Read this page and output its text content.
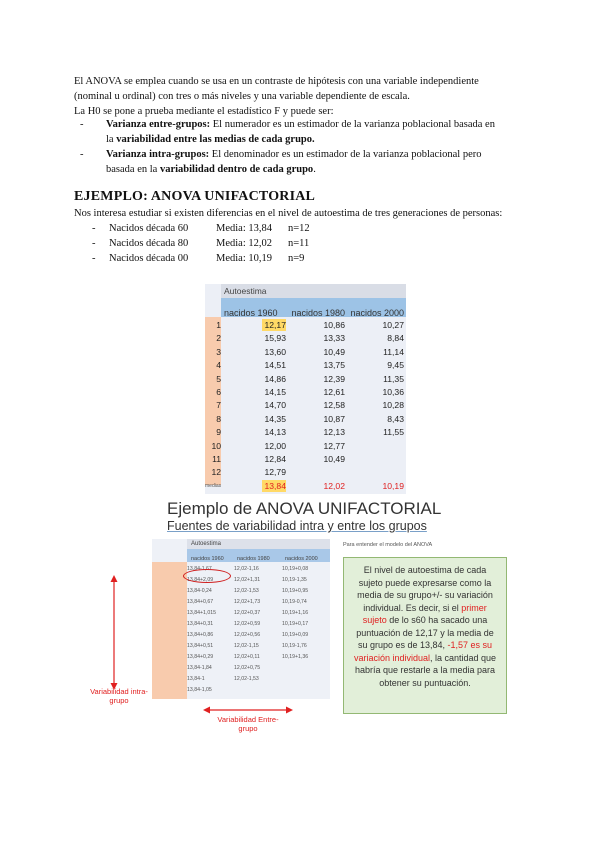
El ANOVA se emplea cuando se usa en un contraste de hipótesis con una variable independiente
(nominal u ordinal) con tres o más niveles y una variable dependiente de escala.
La H0 se pone a prueba mediante el estadístico F y puede ser:
- Varianza entre-grupos: El numerador es un estimador de la varianza poblacional basada en
la variabilidad entre las medias de cada grupo.
- Varianza intra-grupos: El denominador es un estimador de la varianza poblacional pero
basada en la variabilidad dentro de cada grupo.
EJEMPLO: ANOVA UNIFACTORIAL
Nos interesa estudiar si existen diferencias en el nivel de autoestima de tres generaciones de personas:
- Nacidos década 60	Media: 13,84 n=12
- Nacidos década 80	Media: 12,02 n=11
- Nacidos década 00	Media: 10,19 n=9
Autoestima
nacidos 1960	nacidos 1980 nacidos 2000
1	12,17	10,86	10,27
2	15,93	13,33	8,84
3	13,60	10,49	11,14
4	14,51	13,75	9,45
5	14,86	12,39	11,35
6	14,15	12,61	10,36
7	14,70	12,58	10,28
8	14,35	10,87	8,43
9	14,13	12,13	11,55
10	12,00	12,77
11	12,84	10,49
12	12,79
medias	13,84	12,02	10,19
Ejemplo de ANOVA UNIFACTORIAL
Fuentes de variabilidad intra y entre los grupos
Para entender el modelo del ANOVA
Autoestima
nacidos 1960 nacidos 1980	nacidos 2000
13,84-1,67	12,02-1,16	10,19+0,08
13,84+2,09	12,02+1,31	10,19-1,35
13,84-0,24	12,02-1,53	10,19+0,95
13,84+0,67	12,02+1,73	10,19-0,74
13,84+1,015	12,02+0,37	10,19+1,16
13,84+0,31	12,02+0,59	10,19+0,17
13,84+0,86	12,02+0,56	10,19+0,09
13,84+0,51	12,02-1,15	10,19-1,76
13,84+0,29	12,02+0,11	10,19+1,36
13,84-1,84	12,02+0,75
13,84-1	12,02-1,53
13,84-1,05
Variabilidad intra-grupo
Variabilidad Entre-grupo
El nivel de autoestima de cada sujeto puede expresarse como la media de su grupo+/- su variación individual. Es decir, si el primer sujeto de lo s60 ha sacado una puntuación de 12,17 y la media de su grupo es de 13,84, -1,57 es su variación individual, la cantidad que habría que restarle a la media para obtener su puntuación.
